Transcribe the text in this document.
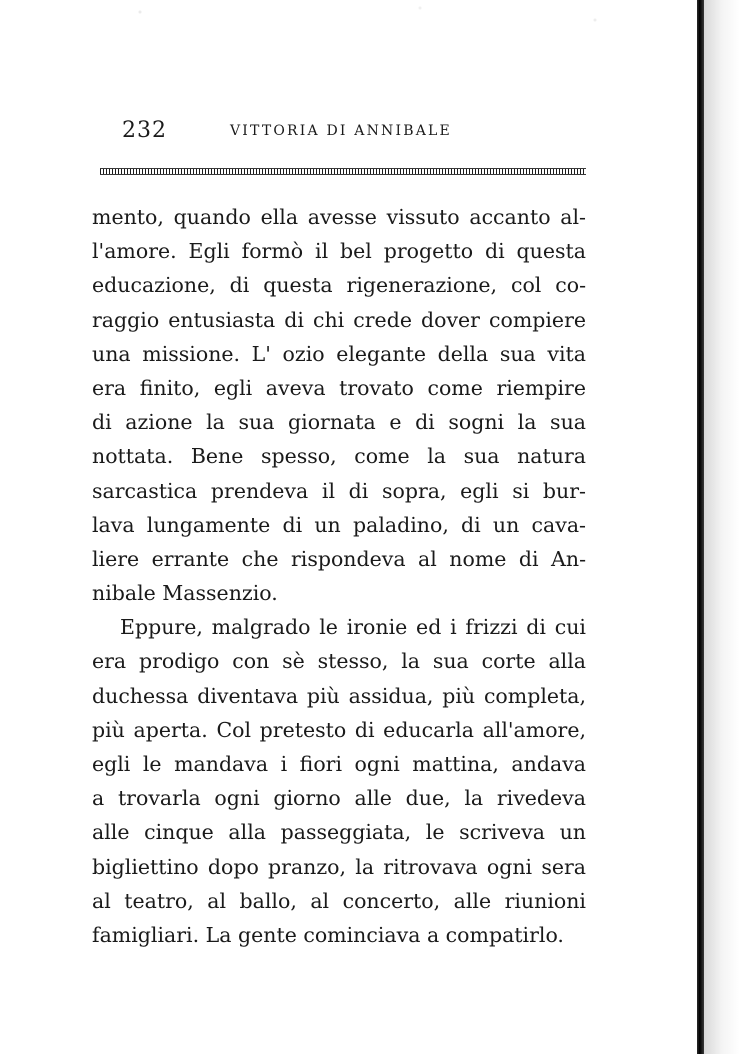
232	VITTORIA DI ANNIBALE
mento, quando ella avesse vissuto accanto al-
l'amore. Egli formò il bel progetto di questa
educazione, di questa rigenerazione, col co-
raggio entusiasta di chi crede dover compiere
una missione. L' ozio elegante della sua vita
era finito, egli aveva trovato come riempire
di azione la sua giornata e di sogni la sua
nottata. Bene spesso, come la sua natura
sarcastica prendeva il di sopra, egli si bur-
lava lungamente di un paladino, di un cava-
liere errante che rispondeva al nome di An-
nibale Massenzio.
Eppure, malgrado le ironie ed i frizzi di cui
era prodigo con sè stesso, la sua corte alla
duchessa diventava più assidua, più completa,
più aperta. Col pretesto di educarla all'amore,
egli le mandava i fiori ogni mattina, andava
a trovarla ogni giorno alle due, la rivedeva
alle cinque alla passeggiata, le scriveva un
bigliettino dopo pranzo, la ritrovava ogni sera
al teatro, al ballo, al concerto, alle riunioni
famigliari. La gente cominciava a compatirlo.
